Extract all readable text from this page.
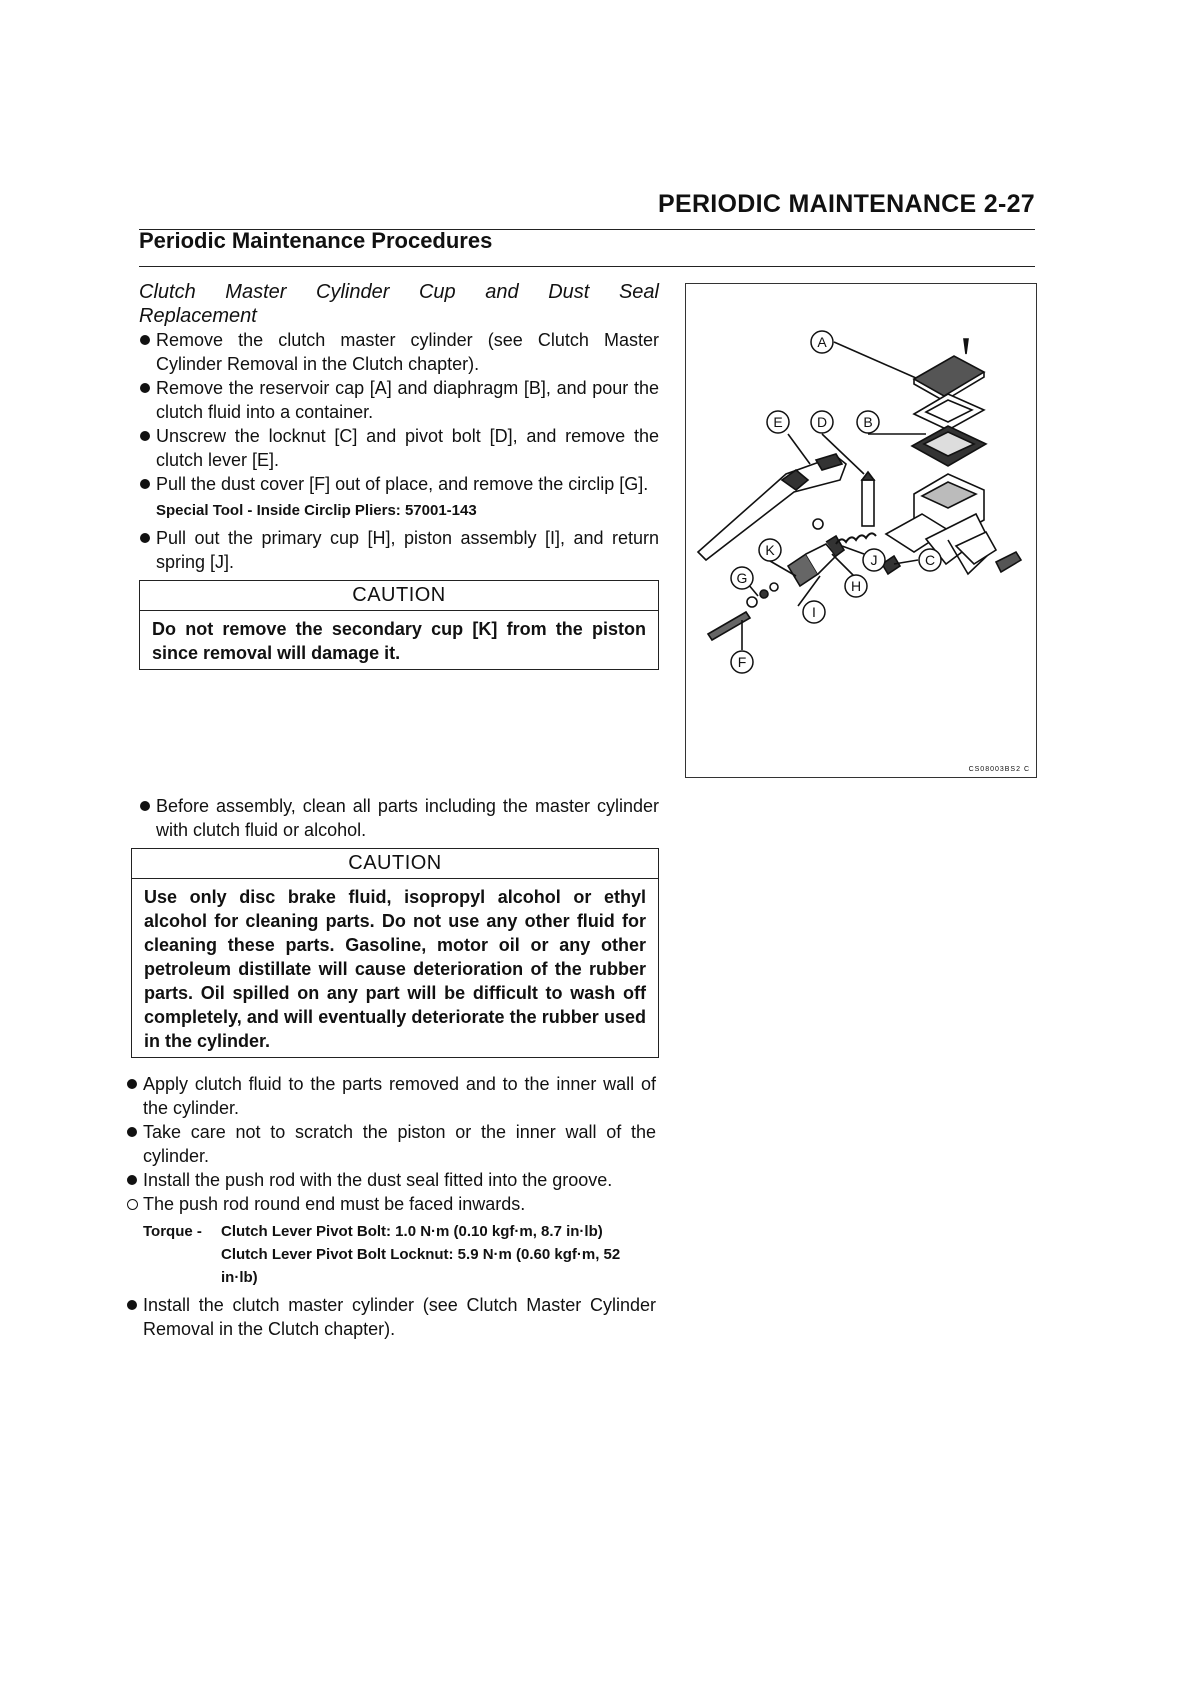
PERIODIC MAINTENANCE 2-27
Periodic Maintenance Procedures
Clutch Master Cylinder Cup and Dust Seal
Replacement
Remove the clutch master cylinder (see Clutch Master Cylinder Removal in the Clutch chapter).
Remove the reservoir cap [A] and diaphragm [B], and pour the clutch fluid into a container.
Unscrew the locknut [C] and pivot bolt [D], and remove the clutch lever [E].
Pull the dust cover [F] out of place, and remove the circlip [G].
Special Tool - Inside Circlip Pliers: 57001-143
Pull out the primary cup [H], piston assembly [I], and return spring [J].
CAUTION
Do not remove the secondary cup [K] from the piston since removal will damage it.
A
B
C
D
E
F
G	H
I
J
K
CS08003BS2 C
Before assembly, clean all parts including the master cylinder with clutch fluid or alcohol.
CAUTION
Use only disc brake fluid, isopropyl alcohol or ethyl alcohol for cleaning parts. Do not use any other fluid for cleaning these parts. Gasoline, motor oil or any other petroleum distillate will cause deterioration of the rubber parts. Oil spilled on any part will be difficult to wash off completely, and will eventually deteriorate the rubber used in the cylinder.
Apply clutch fluid to the parts removed and to the inner wall of the cylinder.
Take care not to scratch the piston or the inner wall of the cylinder.
Install the push rod with the dust seal fitted into the groove.
The push rod round end must be faced inwards.
Torque -	Clutch Lever Pivot Bolt: 1.0 N·m (0.10 kgf·m, 8.7 in·lb)
Clutch Lever Pivot Bolt Locknut: 5.9 N·m (0.60 kgf·m, 52 in·lb)
Install the clutch master cylinder (see Clutch Master Cylinder Removal in the Clutch chapter).
